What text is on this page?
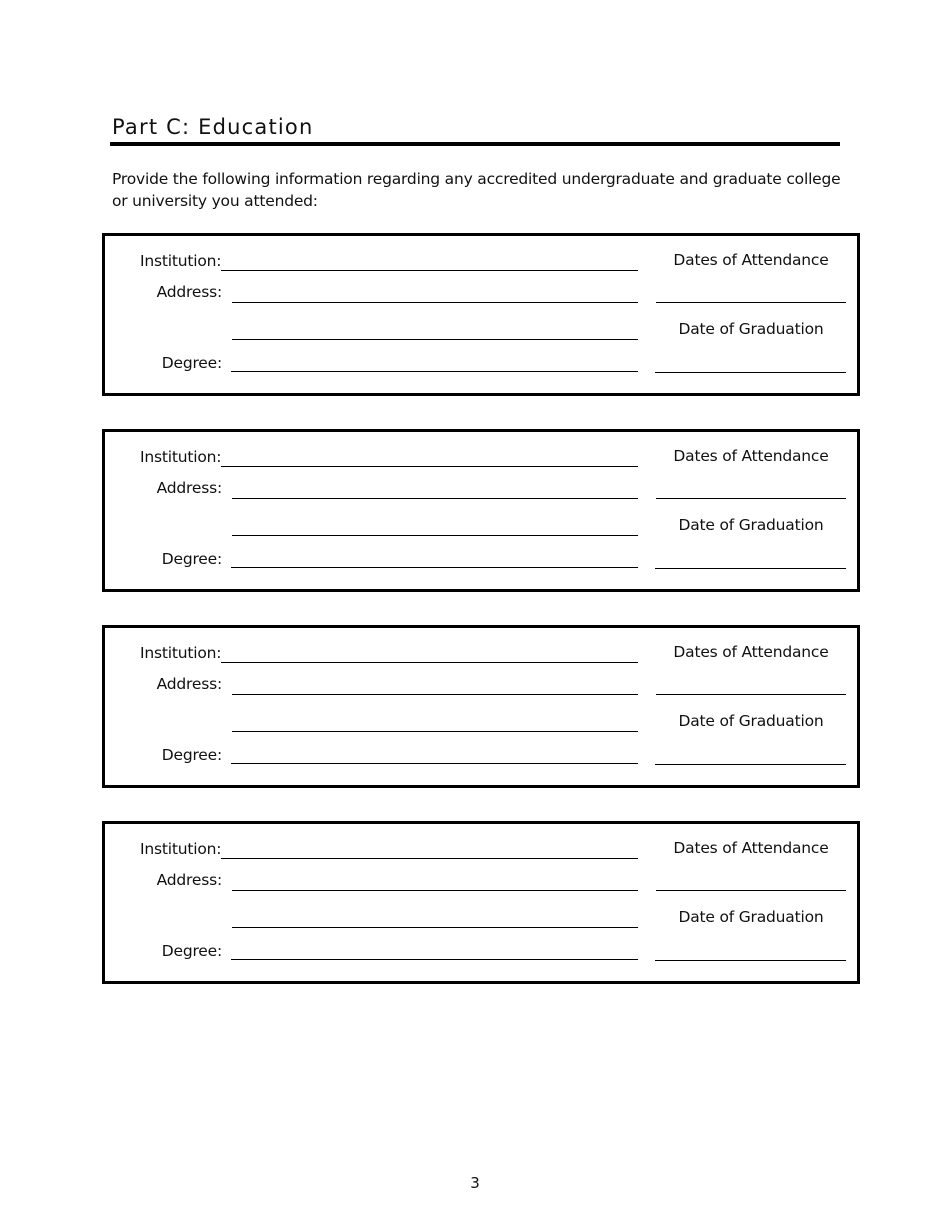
Part C: Education
Provide the following information regarding any accredited undergraduate and graduate college or university you attended:
Institution:
Address:
Degree:
Dates of Attendance
Date of Graduation
Institution:
Address:
Degree:
Dates of Attendance
Date of Graduation
Institution:
Address:
Degree:
Dates of Attendance
Date of Graduation
Institution:
Address:
Degree:
Dates of Attendance
Date of Graduation
3
